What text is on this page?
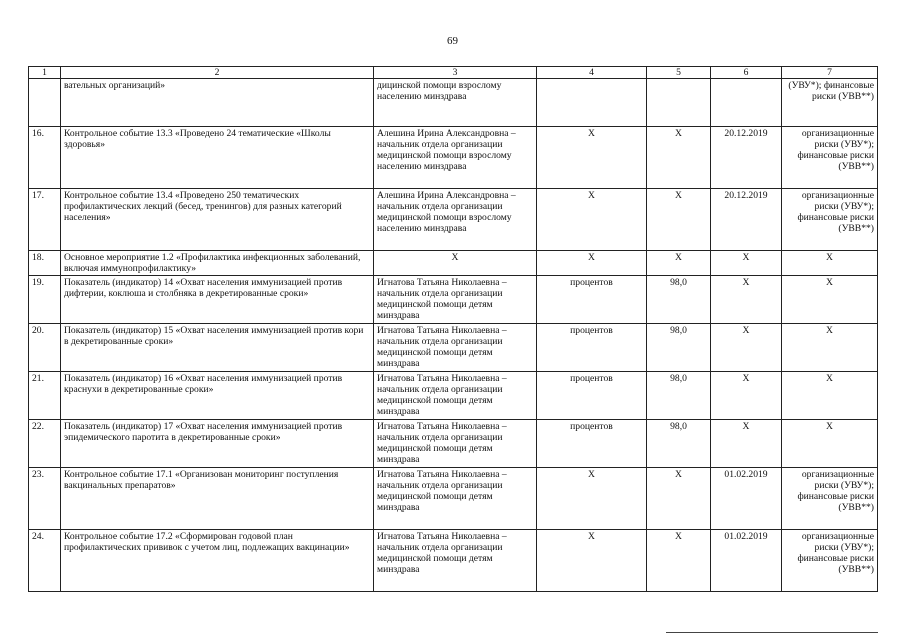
69
1	2	3	4	5	6	7
	вательных организаций»	дицинской помощи взрослому населению минздрава				(УВУ*); финансовые риски (УВВ**)
16.	Контрольное событие 13.3 «Проведено 24 тематические «Школы здоровья»	Алешина Ирина Александровна – начальник отдела организации медицинской помощи взрослому населению минздрава	Х	Х	20.12.2019	организационные риски (УВУ*); финансовые риски (УВВ**)
17.	Контрольное событие 13.4 «Проведено 250 тематических профилактических лекций (бесед, тренингов) для разных категорий населения»	Алешина Ирина Александровна – начальник отдела организации медицинской помощи взрослому населению минздрава	Х	Х	20.12.2019	организационные риски (УВУ*); финансовые риски (УВВ**)
18.	Основное мероприятие 1.2 «Профилактика инфекционных заболеваний, включая иммунопрофилактику»	Х	Х	Х	Х	Х
19.	Показатель (индикатор) 14 «Охват населения иммунизацией против дифтерии, коклюша и столбняка в декретированные сроки»	Игнатова Татьяна Николаевна – начальник отдела организации медицинской помощи детям минздрава	процентов	98,0	Х	Х
20.	Показатель (индикатор) 15 «Охват населения иммунизацией против кори в декретированные сроки»	Игнатова Татьяна Николаевна – начальник отдела организации медицинской помощи детям минздрава	процентов	98,0	Х	Х
21.	Показатель (индикатор) 16 «Охват населения иммунизацией против краснухи в декретированные сроки»	Игнатова Татьяна Николаевна – начальник отдела организации медицинской помощи детям минздрава	процентов	98,0	Х	Х
22.	Показатель (индикатор) 17 «Охват населения иммунизацией против эпидемического паротита в декретированные сроки»	Игнатова Татьяна Николаевна – начальник отдела организации медицинской помощи детям минздрава	процентов	98,0	Х	Х
23.	Контрольное событие 17.1 «Организован мониторинг поступления вакцинальных препаратов»	Игнатова Татьяна Николаевна – начальник отдела организации медицинской помощи детям минздрава	Х	Х	01.02.2019	организационные риски (УВУ*); финансовые риски (УВВ**)
24.	Контрольное событие 17.2 «Сформирован годовой план профилактических прививок с учетом лиц, подлежащих вакцинации»	Игнатова Татьяна Николаевна – начальник отдела организации медицинской помощи детям минздрава	Х	Х	01.02.2019	организационные риски (УВУ*); финансовые риски (УВВ**)
